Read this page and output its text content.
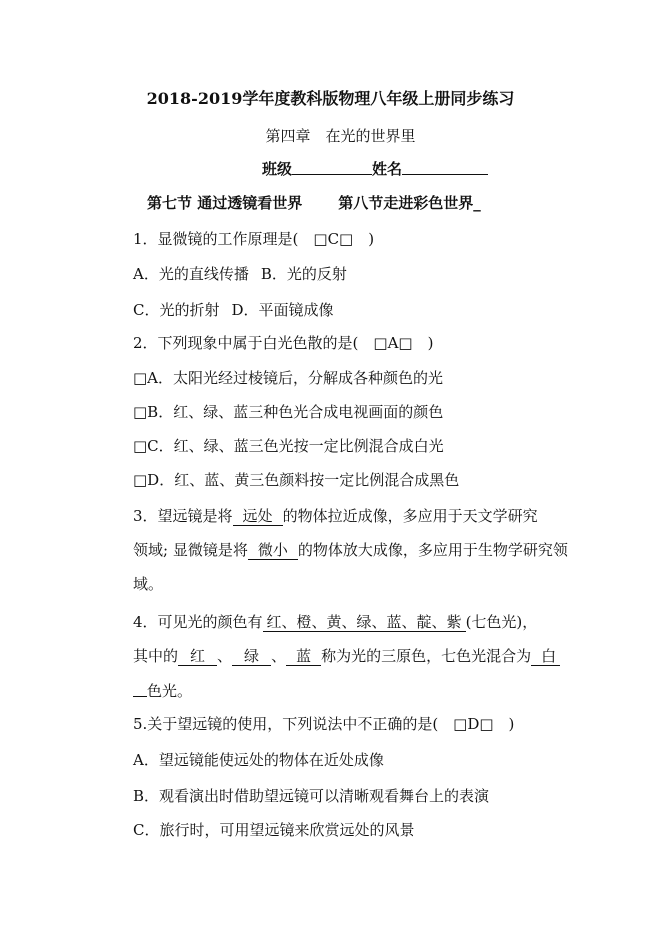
2018-2019学年度教科版物理八年级上册同步练习
第四章　在光的世界里
班级	姓名
第七节 通过透镜看世界 第八节走进彩色世界_
1．显微镜的工作原理是(　□C□　)
A．光的直线传播 B．光的反射
C．光的折射 D．平面镜成像
2．下列现象中属于白光色散的是(　□A□　)
□A．太阳光经过棱镜后，分解成各种颜色的光
□B．红、绿、蓝三种色光合成电视画面的颜色
□C．红、绿、蓝三色光按一定比例混合成白光
□D．红、蓝、黄三色颜料按一定比例混合成黑色
3．望远镜是将 远处 的物体拉近成像，多应用于天文学研究
领域; 显微镜是将 微小 的物体放大成像，多应用于生物学研究领
域。
4．可见光的颜色有 红、橙、黄、绿、蓝、靛、紫 (七色光)，
其中的 红 、 绿 、 蓝 称为光的三原色，七色光混合为 白
色光。
5.关于望远镜的使用，下列说法中不正确的是(　□D□　)
A．望远镜能使远处的物体在近处成像
B．观看演出时借助望远镜可以清晰观看舞台上的表演
C．旅行时，可用望远镜来欣赏远处的风景
